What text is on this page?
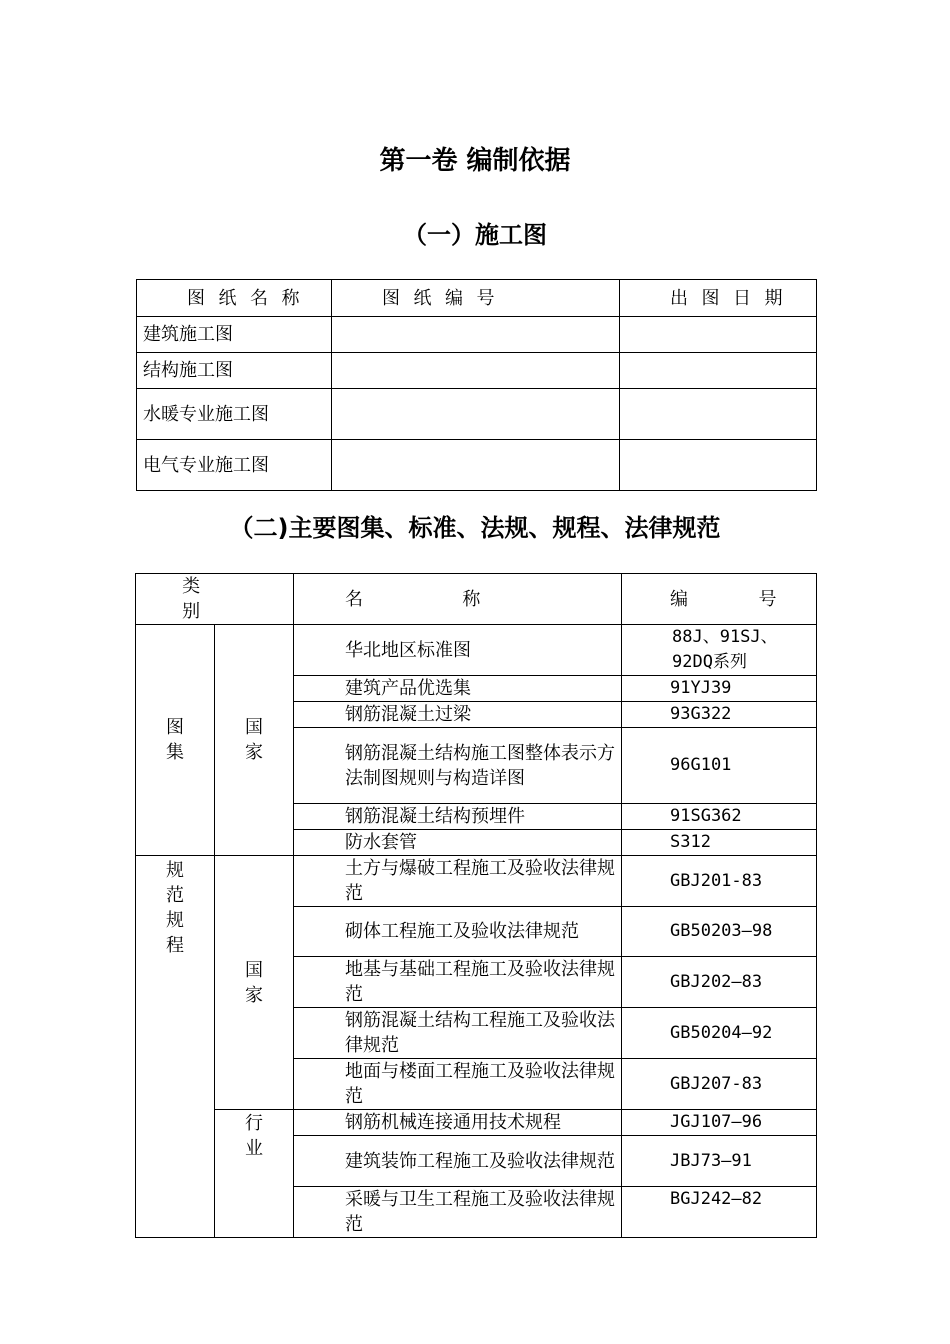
第一卷 编制依据
（一）施工图
图纸名称	图纸编号	出图日期
建筑施工图		
结构施工图		
水暖专业施工图		
电气专业施工图		
（二)主要图集、标准、法规、规程、法律规范
类 别		名 称	编 号

图集	国家	华北地区标准图	88J、91SJ、92DQ系列
		建筑产品优选集	91YJ39
		钢筋混凝土过梁	93G322
		钢筋混凝土结构施工图整体表示方法制图规则与构造详图	96G101
		钢筋混凝土结构预埋件	91SG362
		防水套管	S312

规范规程	国家	土方与爆破工程施工及验收法律规范	GBJ201-83
		砌体工程施工及验收法律规范	GB50203—98
		地基与基础工程施工及验收法律规范	GBJ202—83
		钢筋混凝土结构工程施工及验收法律规范	GB50204—92
		地面与楼面工程施工及验收法律规范	GBJ207-83

	行业	钢筋机械连接通用技术规程	JGJ107—96
		建筑装饰工程施工及验收法律规范	JBJ73—91
		采暖与卫生工程施工及验收法律规范	BGJ242—82
